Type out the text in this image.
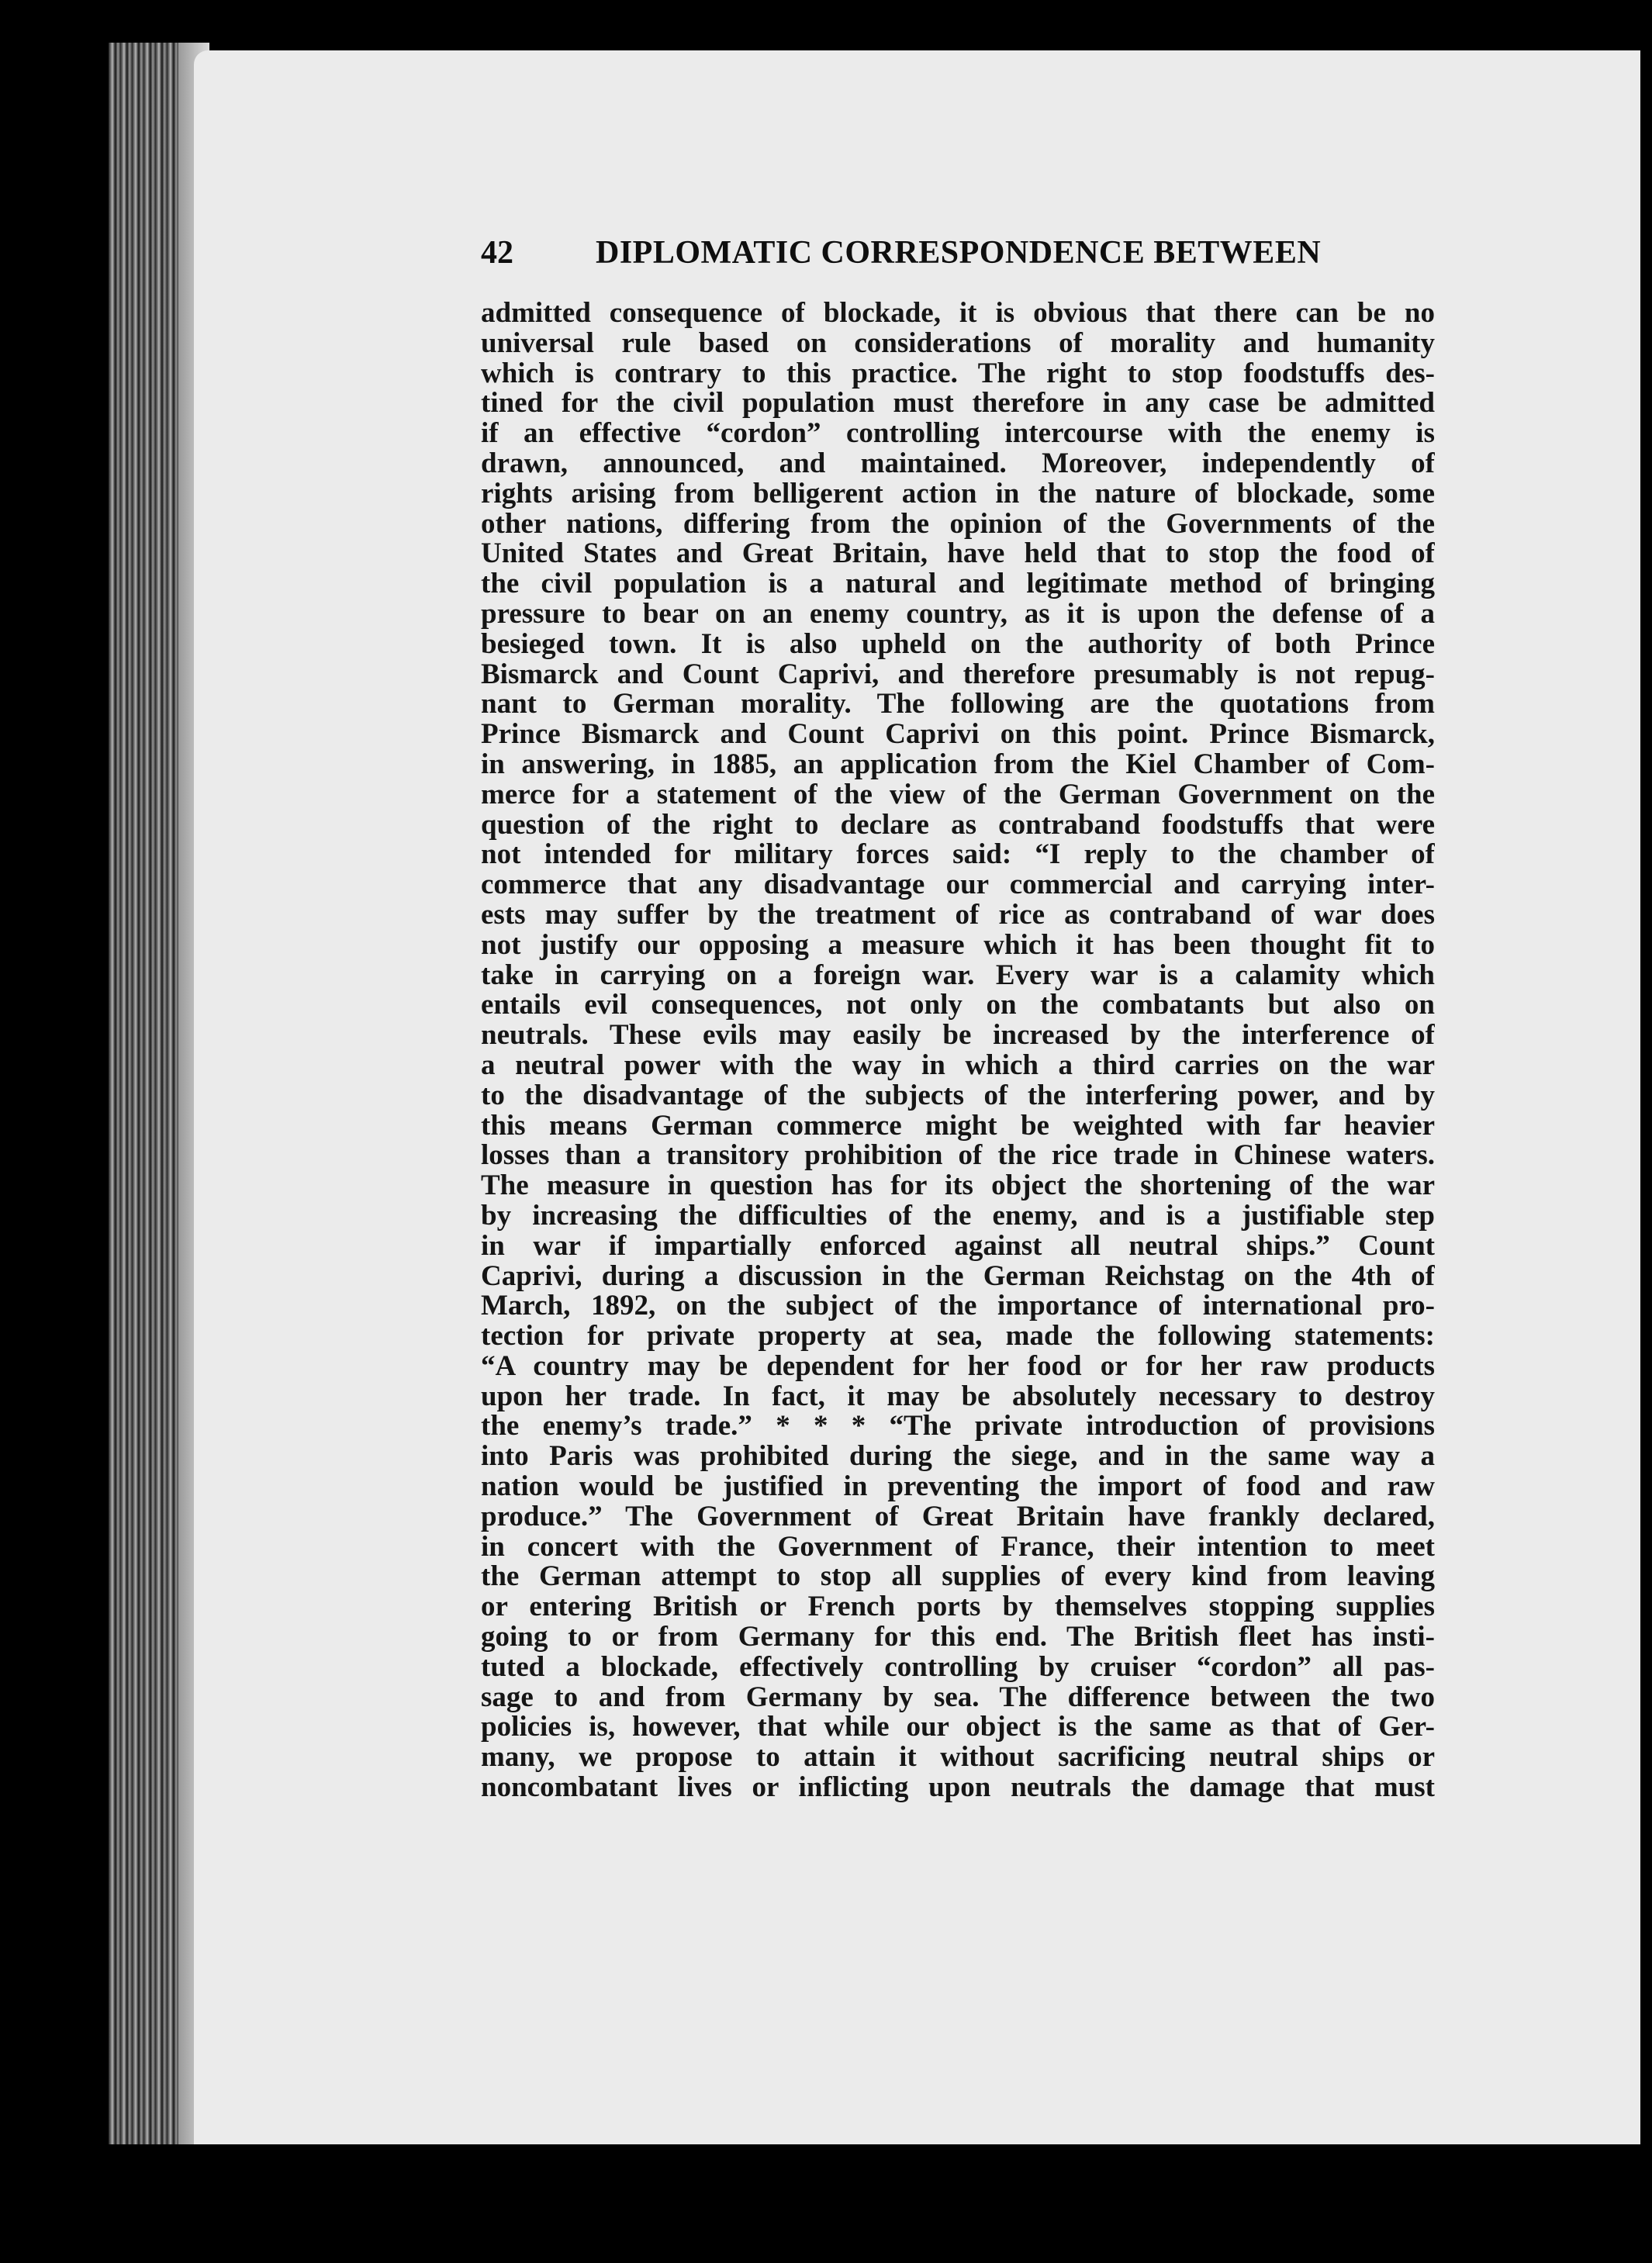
42	DIPLOMATIC CORRESPONDENCE BETWEEN
admitted consequence of blockade, it is obvious that there can be no
universal rule based on considerations of morality and humanity
which is contrary to this practice. The right to stop foodstuffs des-
tined for the civil population must therefore in any case be admitted
if an effective “cordon” controlling intercourse with the enemy is
drawn, announced, and maintained. Moreover, independently of
rights arising from belligerent action in the nature of blockade, some
other nations, differing from the opinion of the Governments of the
United States and Great Britain, have held that to stop the food of
the civil population is a natural and legitimate method of bringing
pressure to bear on an enemy country, as it is upon the defense of a
besieged town. It is also upheld on the authority of both Prince
Bismarck and Count Caprivi, and therefore presumably is not repug-
nant to German morality. The following are the quotations from
Prince Bismarck and Count Caprivi on this point. Prince Bismarck,
in answering, in 1885, an application from the Kiel Chamber of Com-
merce for a statement of the view of the German Government on the
question of the right to declare as contraband foodstuffs that were
not intended for military forces said: “I reply to the chamber of
commerce that any disadvantage our commercial and carrying inter-
ests may suffer by the treatment of rice as contraband of war does
not justify our opposing a measure which it has been thought fit to
take in carrying on a foreign war. Every war is a calamity which
entails evil consequences, not only on the combatants but also on
neutrals. These evils may easily be increased by the interference of
a neutral power with the way in which a third carries on the war
to the disadvantage of the subjects of the interfering power, and by
this means German commerce might be weighted with far heavier
losses than a transitory prohibition of the rice trade in Chinese waters.
The measure in question has for its object the shortening of the war
by increasing the difficulties of the enemy, and is a justifiable step
in war if impartially enforced against all neutral ships.” Count
Caprivi, during a discussion in the German Reichstag on the 4th of
March, 1892, on the subject of the importance of international pro-
tection for private property at sea, made the following statements:
“A country may be dependent for her food or for her raw products
upon her trade. In fact, it may be absolutely necessary to destroy
the enemy’s trade.” * * * “The private introduction of provisions
into Paris was prohibited during the siege, and in the same way a
nation would be justified in preventing the import of food and raw
produce.” The Government of Great Britain have frankly declared,
in concert with the Government of France, their intention to meet
the German attempt to stop all supplies of every kind from leaving
or entering British or French ports by themselves stopping supplies
going to or from Germany for this end. The British fleet has insti-
tuted a blockade, effectively controlling by cruiser “cordon” all pas-
sage to and from Germany by sea. The difference between the two
policies is, however, that while our object is the same as that of Ger-
many, we propose to attain it without sacrificing neutral ships or
noncombatant lives or inflicting upon neutrals the damage that must
